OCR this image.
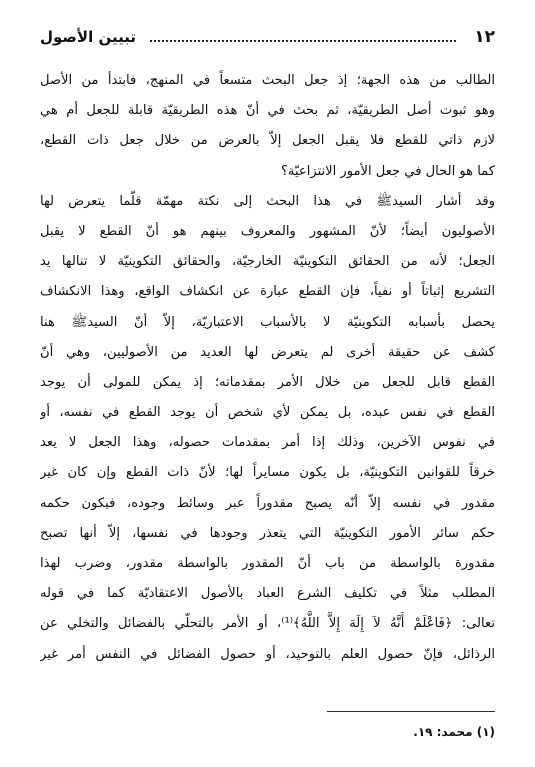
١٢
تبيين الأصول
الطالب من هذه الجهة؛ إذ جعل البحث متسعاً في المنهج، فابتدأ من الأصل
وهو ثبوت أصل الطريقيّة، ثم بحث في أنّ هذه الطريقيّة قابلة للجعل أم هي
لازم ذاتي للقطع فلا يقبل الجعل إلاّ بالعرض من خلال جعل ذات القطع،
كما هو الحال في جعل الأمور الانتزاعيّة؟
وقد أشار السيدﷺ في هذا البحث إلى نكتة مهمّة قلّما يتعرض لها
الأصوليون أيضاً؛ لأنّ المشهور والمعروف بينهم هو أنّ القطع لا يقبل
الجعل؛ لأنه من الحقائق التكوينيّة الخارجيّة، والحقائق التكوينيّة لا تنالها يد
التشريع إثباتاً أو نفياً، فإن القطع عبارة عن انكشاف الواقع، وهذا الانكشاف
يحصل بأسبابه التكوينيّة لا بالأسباب الاعتباريّة، إلاّ أنّ السيدﷺ هنا
كشف عن حقيقة أخرى لم يتعرض لها العديد من الأصوليين، وهي أنّ
القطع قابل للجعل من خلال الأمر بمقدماته؛ إذ يمكن للمولى أن يوجد
القطع في نفس عبده، بل يمكن لأي شخص أن يوجد القطع في نفسه، أو
في نفوس الآخرين، وذلك إذا أمر بمقدمات حصوله، وهذا الجعل لا يعد
خرقاً للقوانين التكوينيّة، بل يكون مسايراً لها؛ لأنّ ذات القطع وإن كان غير
مقدور في نفسه إلاّ أنّه يصبح مقدوراً عبر وسائط وجوده، فيكون حكمه
حكم سائر الأمور التكوينيّة التي يتعذر وجودها في نفسها، إلاّ أنها تصبح
مقدورة بالواسطة من باب أنّ المقدور بالواسطة مقدور، وضرب لهذا
المطلب مثلاً في تكليف الشرع العباد بالأصول الاعتقاديّة كما في قوله
تعالى: ﴿فَاعْلَمْ أَنَّهُ لاَ إِلَهَ إِلاَّ اللَّهُ﴾⁽¹⁾، أو الأمر بالتحلّي بالفضائل والتخلي عن
الرذائل، فإنّ حصول العلم بالتوحيد، أو حصول الفضائل في النفس أمر غير
(١) محمد: ١٩.
